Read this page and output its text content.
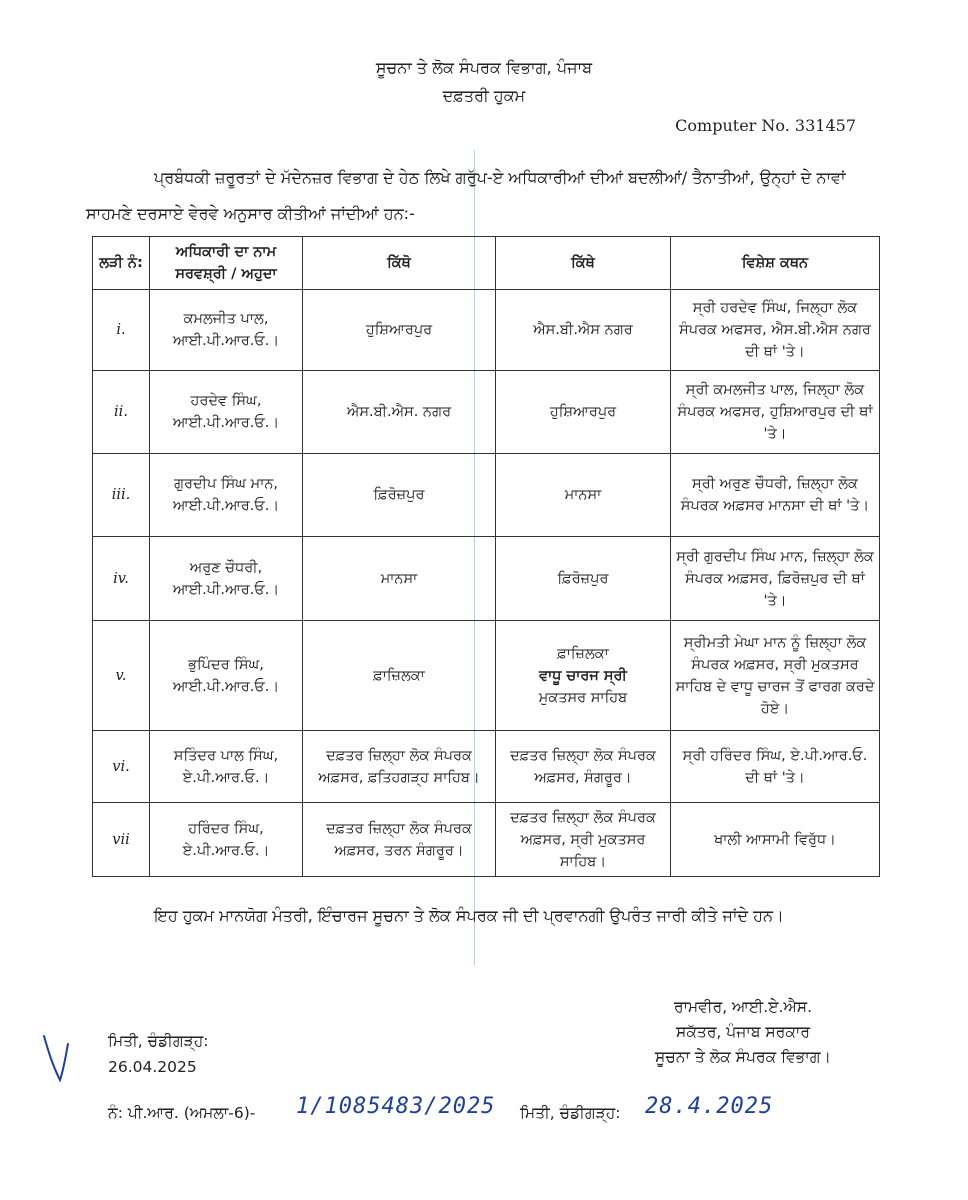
ਸੂਚਨਾ ਤੇ ਲੋਕ ਸੰਪਰਕ ਵਿਭਾਗ, ਪੰਜਾਬ
ਦਫ਼ਤਰੀ ਹੁਕਮ
Computer No. 331457
ਪ੍ਰਬੰਧਕੀ ਜ਼ਰੂਰਤਾਂ ਦੇ ਮੱਦੇਨਜ਼ਰ ਵਿਭਾਗ ਦੇ ਹੇਠ ਲਿਖੇ ਗਰੁੱਪ-ਏ ਅਧਿਕਾਰੀਆਂ ਦੀਆਂ ਬਦਲੀਆਂ/ ਤੈਨਾਤੀਆਂ, ਉਨ੍ਹਾਂ ਦੇ ਨਾਵਾਂ ਸਾਹਮਣੇ ਦਰਸਾਏ ਵੇਰਵੇ ਅਨੁਸਾਰ ਕੀਤੀਆਂ ਜਾਂਦੀਆਂ ਹਨ:-
ਲੜੀ ਨੰ:	ਅਧਿਕਾਰੀ ਦਾ ਨਾਮ ਸਰਵਸ਼੍ਰੀ / ਅਹੁਦਾ	ਕਿੱਥੋ	ਕਿੱਥੇ	ਵਿਸ਼ੇਸ਼ ਕਥਨ
i.	ਕਮਲਜੀਤ ਪਾਲ, ਆਈ.ਪੀ.ਆਰ.ਓ.।	ਹੁਸ਼ਿਆਰਪੁਰ	ਐਸ.ਬੀ.ਐਸ ਨਗਰ	ਸ੍ਰੀ ਹਰਦੇਵ ਸਿੰਘ, ਜਿਲ੍ਹਾ ਲੋਕ ਸੰਪਰਕ ਅਫਸਰ, ਐਸ.ਬੀ.ਐਸ ਨਗਰ ਦੀ ਥਾਂ 'ਤੇ।
ii.	ਹਰਦੇਵ ਸਿੰਘ, ਆਈ.ਪੀ.ਆਰ.ਓ.।	ਐਸ.ਬੀ.ਐਸ. ਨਗਰ	ਹੁਸ਼ਿਆਰਪੁਰ	ਸ੍ਰੀ ਕਮਲਜੀਤ ਪਾਲ, ਜਿਲ੍ਹਾ ਲੋਕ ਸੰਪਰਕ ਅਫਸਰ, ਹੁਸ਼ਿਆਰਪੁਰ ਦੀ ਥਾਂ 'ਤੇ।
iii.	ਗੁਰਦੀਪ ਸਿੰਘ ਮਾਨ, ਆਈ.ਪੀ.ਆਰ.ਓ.।	ਫ਼ਿਰੋਜ਼ਪੁਰ	ਮਾਨਸਾ	ਸ੍ਰੀ ਅਰੁਣ ਚੌਧਰੀ, ਜ਼ਿਲ੍ਹਾ ਲੋਕ ਸੰਪਰਕ ਅਫ਼ਸਰ ਮਾਨਸਾ ਦੀ ਥਾਂ 'ਤੇ।
iv.	ਅਰੁਣ ਚੌਧਰੀ, ਆਈ.ਪੀ.ਆਰ.ਓ.।	ਮਾਨਸਾ	ਫ਼ਿਰੋਜ਼ਪੁਰ	ਸ੍ਰੀ ਗੁਰਦੀਪ ਸਿੰਘ ਮਾਨ, ਜ਼ਿਲ੍ਹਾ ਲੋਕ ਸੰਪਰਕ ਅਫ਼ਸਰ, ਫ਼ਿਰੋਜ਼ਪੁਰ ਦੀ ਥਾਂ 'ਤੇ।
v.	ਭੁਪਿੰਦਰ ਸਿੰਘ, ਆਈ.ਪੀ.ਆਰ.ਓ.।	ਫ਼ਾਜ਼ਿਲਕਾ	ਫ਼ਾਜ਼ਿਲਕਾ
ਵਾਧੂ ਚਾਰਜ ਸ੍ਰੀ
ਮੁਕਤਸਰ ਸਾਹਿਬ	ਸ੍ਰੀਮਤੀ ਮੇਘਾ ਮਾਨ ਨੂੰ ਜ਼ਿਲ੍ਹਾ ਲੋਕ ਸੰਪਰਕ ਅਫ਼ਸਰ, ਸ੍ਰੀ ਮੁਕਤਸਰ ਸਾਹਿਬ ਦੇ ਵਾਧੂ ਚਾਰਜ ਤੋਂ ਫਾਰਗ ਕਰਦੇ ਹੋਏ।
vi.	ਸਤਿੰਦਰ ਪਾਲ ਸਿੰਘ, ਏ.ਪੀ.ਆਰ.ਓ.।	ਦਫ਼ਤਰ ਜ਼ਿਲ੍ਹਾ ਲੋਕ ਸੰਪਰਕ ਅਫ਼ਸਰ, ਫ਼ਤਿਹਗੜ੍ਹ ਸਾਹਿਬ।	ਦਫ਼ਤਰ ਜ਼ਿਲ੍ਹਾ ਲੋਕ ਸੰਪਰਕ ਅਫ਼ਸਰ, ਸੰਗਰੂਰ।	ਸ੍ਰੀ ਹਰਿੰਦਰ ਸਿੰਘ, ਏ.ਪੀ.ਆਰ.ਓ. ਦੀ ਥਾਂ 'ਤੇ।
vii	ਹਰਿੰਦਰ ਸਿੰਘ, ਏ.ਪੀ.ਆਰ.ਓ.।	ਦਫ਼ਤਰ ਜ਼ਿਲ੍ਹਾ ਲੋਕ ਸੰਪਰਕ ਅਫ਼ਸਰ, ਤਰਨ ਸੰਗਰੂਰ।	ਦਫ਼ਤਰ ਜ਼ਿਲ੍ਹਾ ਲੋਕ ਸੰਪਰਕ ਅਫ਼ਸਰ, ਸ੍ਰੀ ਮੁਕਤਸਰ ਸਾਹਿਬ।	ਖਾਲੀ ਆਸਾਮੀ ਵਿਰੁੱਧ।
ਇਹ ਹੁਕਮ ਮਾਨਯੋਗ ਮੰਤਰੀ, ਇੰਚਾਰਜ ਸੂਚਨਾ ਤੇ ਲੋਕ ਸੰਪਰਕ ਜੀ ਦੀ ਪ੍ਰਵਾਨਗੀ ਉਪਰੰਤ ਜਾਰੀ ਕੀਤੇ ਜਾਂਦੇ ਹਨ।
ਮਿਤੀ, ਚੰਡੀਗੜ੍ਹ:
26.04.2025
ਰਾਮਵੀਰ, ਆਈ.ਏ.ਐਸ.
ਸਕੱਤਰ, ਪੰਜਾਬ ਸਰਕਾਰ
ਸੂਚਨਾ ਤੇ ਲੋਕ ਸੰਪਰਕ ਵਿਭਾਗ।
ਨੰ: ਪੀ.ਆਰ. (ਅਮਲਾ-6)- 1/1085483/2025 ਮਿਤੀ, ਚੰਡੀਗੜ੍ਹ: 28.4.2025
